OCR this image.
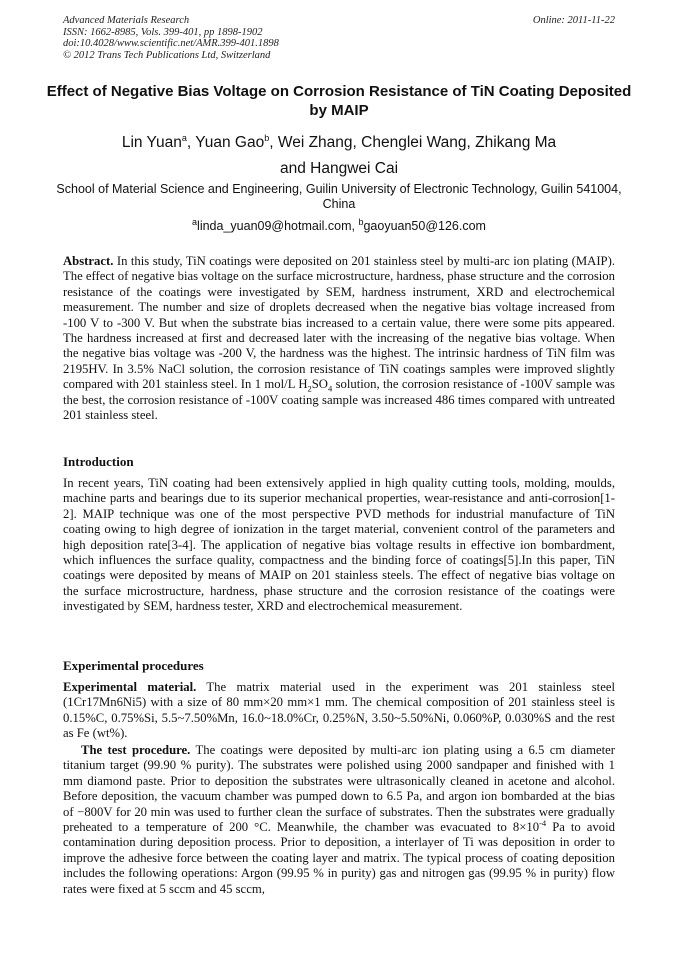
Advanced Materials Research
ISSN: 1662-8985, Vols. 399-401, pp 1898-1902
doi:10.4028/www.scientific.net/AMR.399-401.1898
© 2012 Trans Tech Publications Ltd, Switzerland
Online: 2011-11-22
Effect of Negative Bias Voltage on Corrosion Resistance of TiN Coating Deposited by MAIP
Lin Yuan$^a$, Yuan Gao$^b$, Wei Zhang, Chenglei Wang, Zhikang Ma
and Hangwei Cai
School of Material Science and Engineering, Guilin University of Electronic Technology, Guilin 541004, China
$^a$linda_yuan09@hotmail.com, $^b$gaoyuan50@126.com
Abstract. In this study, TiN coatings were deposited on 201 stainless steel by multi-arc ion plating (MAIP). The effect of negative bias voltage on the surface microstructure, hardness, phase structure and the corrosion resistance of the coatings were investigated by SEM, hardness instrument, XRD and electrochemical measurement. The number and size of droplets decreased when the negative bias voltage increased from -100 V to -300 V. But when the substrate bias increased to a certain value, there were some pits appeared. The hardness increased at first and decreased later with the increasing of the negative bias voltage. When the negative bias voltage was -200 V, the hardness was the highest. The intrinsic hardness of TiN film was 2195HV. In 3.5% NaCl solution, the corrosion resistance of TiN coatings samples were improved slightly compared with 201 stainless steel. In 1 mol/L $H_2SO_4$ solution, the corrosion resistance of -100V sample was the best, the corrosion resistance of -100V coating sample was increased 486 times compared with untreated 201 stainless steel.
Introduction
In recent years, TiN coating had been extensively applied in high quality cutting tools, molding, moulds, machine parts and bearings due to its superior mechanical properties, wear-resistance and anti-corrosion[1-2]. MAIP technique was one of the most perspective PVD methods for industrial manufacture of TiN coating owing to high degree of ionization in the target material, convenient control of the parameters and high deposition rate[3-4]. The application of negative bias voltage results in effective ion bombardment, which influences the surface quality, compactness and the binding force of coatings[5].In this paper, TiN coatings were deposited by means of MAIP on 201 stainless steels. The effect of negative bias voltage on the surface microstructure, hardness, phase structure and the corrosion resistance of the coatings were investigated by SEM, hardness tester, XRD and electrochemical measurement.
Experimental procedures
Experimental material. The matrix material used in the experiment was 201 stainless steel (1Cr17Mn6Ni5) with a size of 80 mm×20 mm×1 mm. The chemical composition of 201 stainless steel is 0.15%C, 0.75%Si, 5.5~7.50%Mn, 16.0~18.0%Cr, 0.25%N, 3.50~5.50%Ni, 0.060%P, 0.030%S and the rest as Fe (wt%).
The test procedure. The coatings were deposited by multi-arc ion plating using a 6.5 cm diameter titanium target (99.90 % purity). The substrates were polished using 2000 sandpaper and finished with 1 mm diamond paste. Prior to deposition the substrates were ultrasonically cleaned in acetone and alcohol. Before deposition, the vacuum chamber was pumped down to 6.5 Pa, and argon ion bombarded at the bias of −800V for 20 min was used to further clean the surface of substrates. Then the substrates were gradually preheated to a temperature of 200 °C. Meanwhile, the chamber was evacuated to $8\times 10^{-4}$ Pa to avoid contamination during deposition process. Prior to deposition, a interlayer of Ti was deposition in order to improve the adhesive force between the coating layer and matrix. The typical process of coating deposition includes the following operations: Argon (99.95 % in purity) gas and nitrogen gas (99.95 % in purity) flow rates were fixed at 5 sccm and 45 sccm,
